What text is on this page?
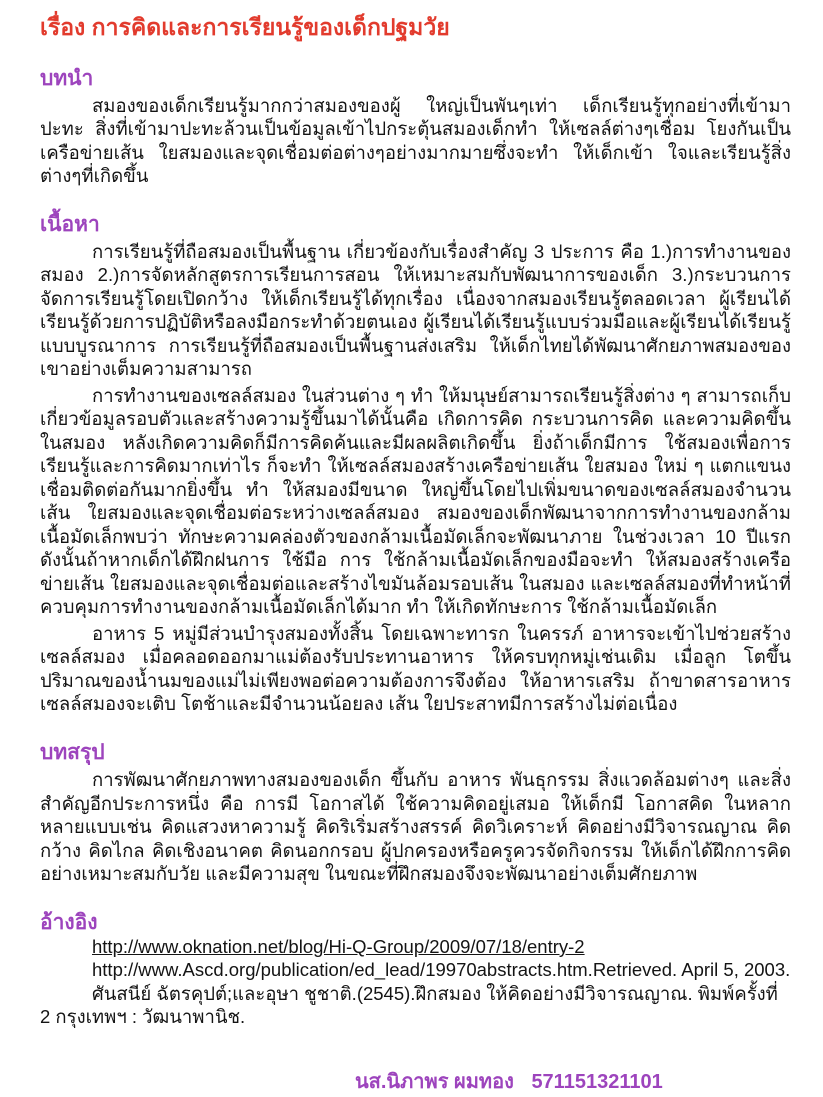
เรื่อง การคิดและการเรียนรู้ของเด็กปฐมวัย
บทนำ

สมองของเด็กเรียนรู้มากกว่าสมองของผู้ ใหญ่เป็นพันๆเท่า เด็กเรียนรู้ทุกอย่างที่เข้ามาปะทะ สิ่งที่เข้ามาปะทะล้วนเป็นข้อมูลเข้าไปกระตุ้นสมองเด็กทำ ให้เซลล์ต่างๆเชื่อม โยงกันเป็นเครือข่ายเส้น ใยสมองและจุดเชื่อมต่อต่างๆอย่างมากมายซึ่งจะทำ ให้เด็กเข้า ใจและเรียนรู้สิ่งต่างๆที่เกิดขึ้น

เนื้อหา

การเรียนรู้ที่ถือสมองเป็นพื้นฐาน เกี่ยวข้องกับเรื่องสำคัญ 3 ประการ คือ 1.)การทำงานของสมอง 2.)การจัดหลักสูตรการเรียนการสอน ให้เหมาะสมกับพัฒนาการของเด็ก 3.)กระบวนการจัดการเรียนรู้โดยเปิดกว้าง ให้เด็กเรียนรู้ได้ทุกเรื่อง เนื่องจากสมองเรียนรู้ตลอดเวลา ผู้เรียนได้เรียนรู้ด้วยการปฏิบัติหรือลงมือกระทำด้วยตนเอง ผู้เรียนได้เรียนรู้แบบร่วมมือและผู้เรียนได้เรียนรู้แบบบูรณาการ การเรียนรู้ที่ถือสมองเป็นพื้นฐานส่งเสริม ให้เด็กไทยได้พัฒนาศักยภาพสมองของเขาอย่างเต็มความสามารถ

การทำงานของเซลล์สมอง ในส่วนต่าง ๆ ทำ ให้มนุษย์สามารถเรียนรู้สิ่งต่าง ๆ สามารถเก็บเกี่ยวข้อมูลรอบตัวและสร้างความรู้ขึ้นมาได้นั้นคือ เกิดการคิด กระบวนการคิด และความคิดขึ้น ในสมอง หลังเกิดความคิดก็มีการคิดค้นและมีผลผลิตเกิดขึ้น ยิ่งถ้าเด็กมีการ ใช้สมองเพื่อการเรียนรู้และการคิดมากเท่าไร ก็จะทำ ให้เซลล์สมองสร้างเครือข่ายเส้น ใยสมอง ใหม่ ๆ แตกแขนงเชื่อมติดต่อกันมากยิ่งขึ้น ทำ ให้สมองมีขนาด ใหญ่ขึ้นโดยไปเพิ่มขนาดของเซลล์สมองจำนวนเส้น ใยสมองและจุดเชื่อมต่อระหว่างเซลล์สมอง สมองของเด็กพัฒนาจากการทำงานของกล้ามเนื้อมัดเล็กพบว่า ทักษะความคล่องตัวของกล้ามเนื้อมัดเล็กจะพัฒนาภาย ในช่วงเวลา 10 ปีแรก ดังนั้นถ้าหากเด็กได้ฝึกฝนการ ใช้มือ การ ใช้กล้ามเนื้อมัดเล็กของมือจะทำ ให้สมองสร้างเครือข่ายเส้น ใยสมองและจุดเชื่อมต่อและสร้างไขมันล้อมรอบเส้น ในสมอง และเซลล์สมองที่ทำหน้าที่ควบคุมการทำงานของกล้ามเนื้อมัดเล็กได้มาก ทำ ให้เกิดทักษะการ ใช้กล้ามเนื้อมัดเล็ก

อาหาร 5 หมู่มีส่วนบำรุงสมองทั้งสิ้น โดยเฉพาะทารก ในครรภ์ อาหารจะเข้าไปช่วยสร้างเซลล์สมอง เมื่อคลอดออกมาแม่ต้องรับประทานอาหาร ให้ครบทุกหมู่เช่นเดิม เมื่อลูก โตขึ้นปริมาณของน้ำนมของแม่ไม่เพียงพอต่อความต้องการจึงต้อง ให้อาหารเสริม ถ้าขาดสารอาหารเซลล์สมองจะเติบ โตช้าและมีจำนวนน้อยลง เส้น ใยประสาทมีการสร้างไม่ต่อเนื่อง

บทสรุป

การพัฒนาศักยภาพทางสมองของเด็ก ขึ้นกับ อาหาร พันธุกรรม สิ่งแวดล้อมต่างๆ และสิ่งสำคัญอีกประการหนึ่ง คือ การมี โอกาสได้ ใช้ความคิดอยู่เสมอ ให้เด็กมี โอกาสคิด ในหลากหลายแบบเช่น คิดแสวงหาความรู้ คิดริเริ่มสร้างสรรค์ คิดวิเคราะห์ คิดอย่างมีวิจารณญาณ คิดกว้าง คิดไกล คิดเชิงอนาคต คิดนอกกรอบ ผู้ปกครองหรือครูควรจัดกิจกรรม ให้เด็กได้ฝึกการคิดอย่างเหมาะสมกับวัย และมีความสุข ในขณะที่ฝึกสมองจึงจะพัฒนาอย่างเต็มศักยภาพ

อ้างอิง

http://www.oknation.net/blog/Hi-Q-Group/2009/07/18/entry-2

http://www.Ascd.org/publication/ed_lead/19970abstracts.htm.Retrieved. April 5, 2003.

ศันสนีย์ ฉัตรคุปต์;และอุษา ชูชาติ.(2545).ฝึกสมอง ให้คิดอย่างมีวิจารณญาณ. พิมพ์ครั้งที่ 2 กรุงเทพฯ : วัฒนาพานิช.

นส.นิภาพร ผมทอง 571151321101
